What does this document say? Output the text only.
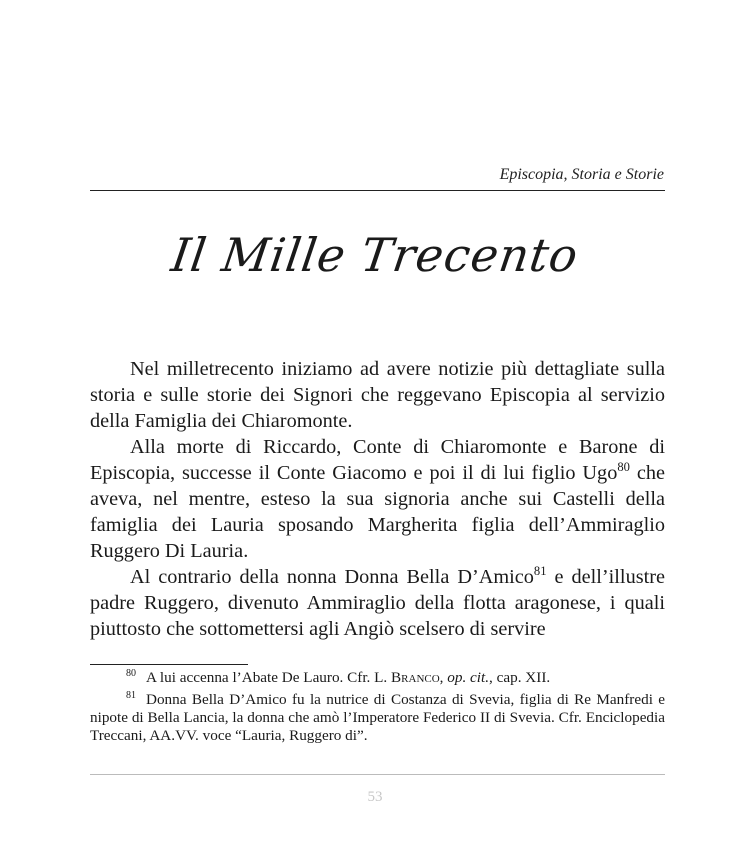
Episcopia, Storia e Storie
Il Mille Trecento

Nel milletrecento iniziamo ad avere notizie più dettagliate sulla storia e sulle storie dei Signori che reggevano Episcopia al servizio della Famiglia dei Chiaromonte.

Alla morte di Riccardo, Conte di Chiaromonte e Barone di Episcopia, successe il Conte Giacomo e poi il di lui figlio Ugo$^{80}$ che aveva, nel mentre, esteso la sua signoria anche sui Castelli della famiglia dei Lauria sposando Margherita figlia dell’Ammiraglio Ruggero Di Lauria.

Al contrario della nonna Donna Bella D’Amico$^{81}$ e dell’illustre padre Ruggero, divenuto Ammiraglio della flotta aragonese, i quali piuttosto che sottomettersi agli Angiò scelsero di servire

$^{80}$ A lui accenna l’Abate De Lauro. Cfr. L. Branco, op. cit., cap. XII.

$^{81}$ Donna Bella D’Amico fu la nutrice di Costanza di Svevia, figlia di Re Manfredi e nipote di Bella Lancia, la donna che amò l’Imperatore Federico II di Svevia. Cfr. Enciclopedia Treccani, AA.VV. voce “Lauria, Ruggero di”.

53
